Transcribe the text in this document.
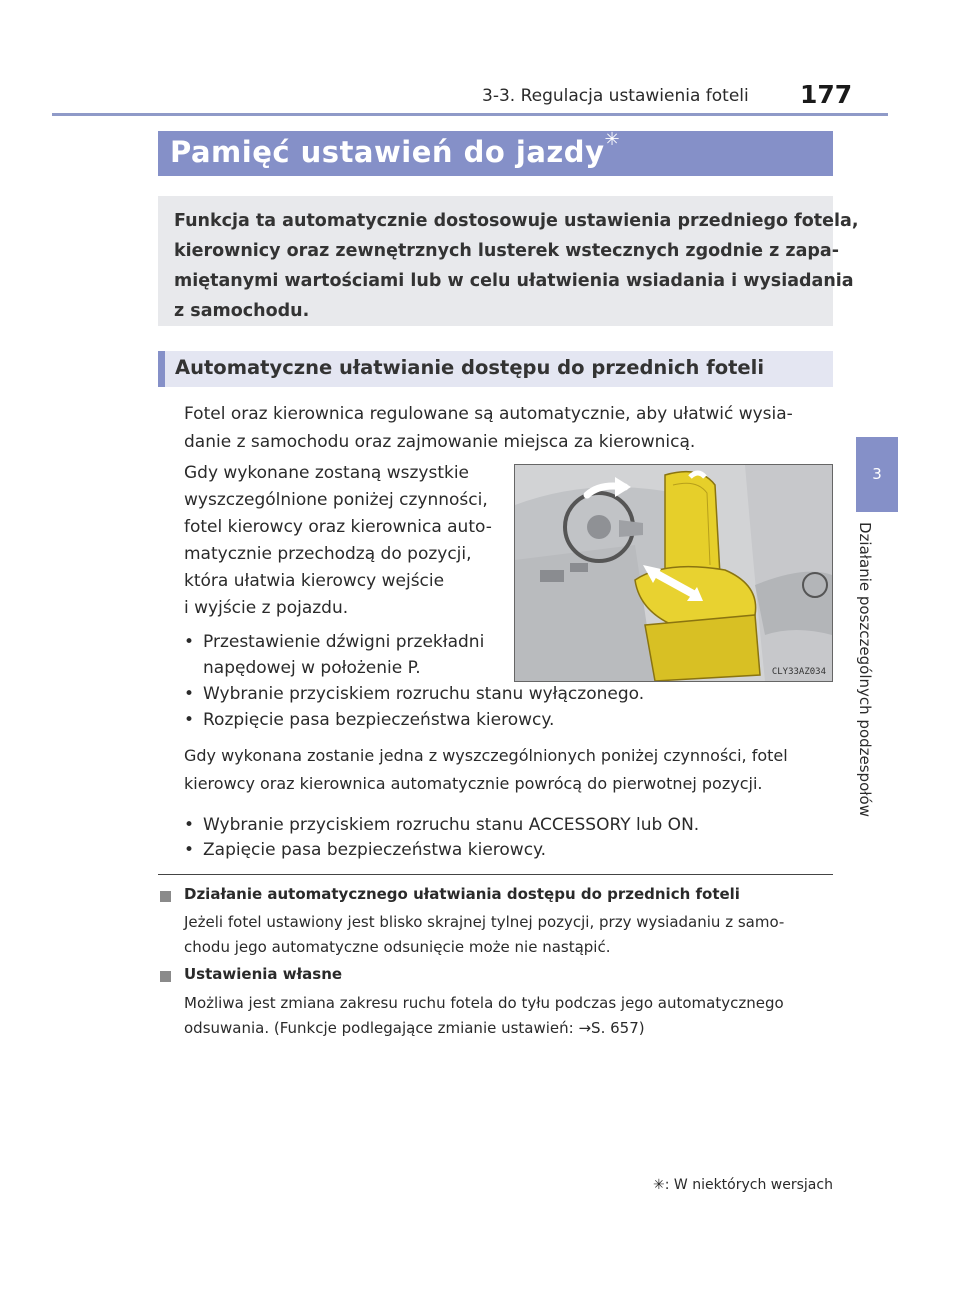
3-3. Regulacja ustawienia foteli 177
Pamięć ustawień do jazdy ✳
Funkcja ta automatycznie dostosowuje ustawienia przedniego fotela,
kierownicy oraz zewnętrznych lusterek wstecznych zgodnie z zapa-
miętanymi wartościami lub w celu ułatwienia wsiadania i wysiadania
z samochodu.
Automatyczne ułatwianie dostępu do przednich foteli
Fotel oraz kierownica regulowane są automatycznie, aby ułatwić wysia-
danie z samochodu oraz zajmowanie miejsca za kierownicą.
Gdy wykonane zostaną wszystkie
wyszczególnione poniżej czynności,
fotel kierowcy oraz kierownica auto-
matycznie przechodzą do pozycji,
która ułatwia kierowcy wejście
i wyjście z pojazdu.
• Przestawienie dźwigni przekładni
napędowej w położenie P.
• Wybranie przyciskiem rozruchu stanu wyłączonego.
• Rozpięcie pasa bezpieczeństwa kierowcy.
Gdy wykonana zostanie jedna z wyszczególnionych poniżej czynności, fotel
kierowcy oraz kierownica automatycznie powrócą do pierwotnej pozycji.
• Wybranie przyciskiem rozruchu stanu ACCESSORY lub ON.
• Zapięcie pasa bezpieczeństwa kierowcy.
CLY33AZ034
Działanie automatycznego ułatwiania dostępu do przednich foteli
Jeżeli fotel ustawiony jest blisko skrajnej tylnej pozycji, przy wysiadaniu z samo-
chodu jego automatyczne odsunięcie może nie nastąpić.
Ustawienia własne
Możliwa jest zmiana zakresu ruchu fotela do tyłu podczas jego automatycznego
odsuwania. (Funkcje podlegające zmianie ustawień: →S. 657)
3
Działanie poszczególnych podzespołów
✳: W niektórych wersjach
